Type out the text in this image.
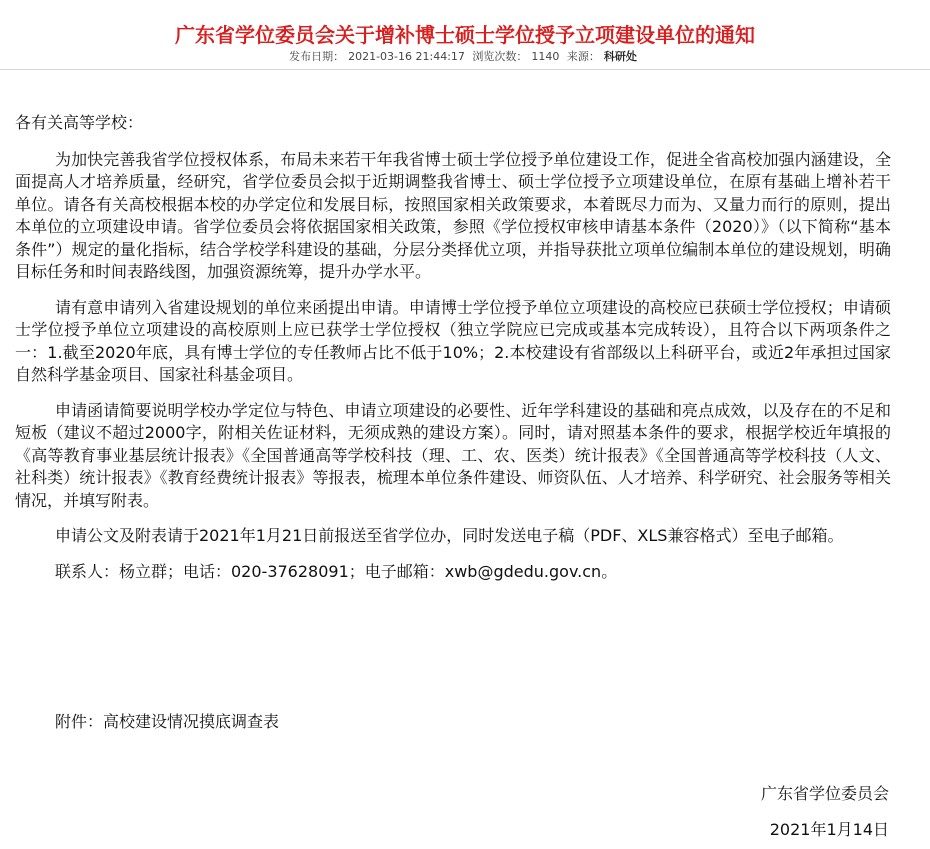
广东省学位委员会关于增补博士硕士学位授予立项建设单位的通知
发布日期： 2021-03-16 21:44:17 浏览次数： 1140 来源： 科研处

各有关高等学校：

为加快完善我省学位授权体系，布局未来若干年我省博士硕士学位授予单位建设工作，促进全省高校加强内涵建设，全面提高人才培养质量，经研究，省学位委员会拟于近期调整我省博士、硕士学位授予立项建设单位，在原有基础上增补若干单位。请各有关高校根据本校的办学定位和发展目标，按照国家相关政策要求，本着既尽力而为、又量力而行的原则，提出本单位的立项建设申请。省学位委员会将依据国家相关政策，参照《学位授权审核申请基本条件（2020）》（以下简称“基本条件”）规定的量化指标，结合学校学科建设的基础，分层分类择优立项，并指导获批立项单位编制本单位的建设规划，明确目标任务和时间表路线图，加强资源统筹，提升办学水平。

请有意申请列入省建设规划的单位来函提出申请。申请博士学位授予单位立项建设的高校应已获硕士学位授权；申请硕士学位授予单位立项建设的高校原则上应已获学士学位授权（独立学院应已完成或基本完成转设），且符合以下两项条件之一：1.截至2020年底，具有博士学位的专任教师占比不低于10%；2.本校建设有省部级以上科研平台，或近2年承担过国家自然科学基金项目、国家社科基金项目。

申请函请简要说明学校办学定位与特色、申请立项建设的必要性、近年学科建设的基础和亮点成效，以及存在的不足和短板（建议不超过2000字，附相关佐证材料，无须成熟的建设方案）。同时，请对照基本条件的要求，根据学校近年填报的《高等教育事业基层统计报表》《全国普通高等学校科技（理、工、农、医类）统计报表》《全国普通高等学校科技（人文、社科类）统计报表》《教育经费统计报表》等报表，梳理本单位条件建设、师资队伍、人才培养、科学研究、社会服务等相关情况，并填写附表。

申请公文及附表请于2021年1月21日前报送至省学位办，同时发送电子稿（PDF、XLS兼容格式）至电子邮箱。

联系人：杨立群；电话：020-37628091；电子邮箱：xwb@gdedu.gov.cn。

附件：高校建设情况摸底调查表
广东省学位委员会
2021年1月14日
